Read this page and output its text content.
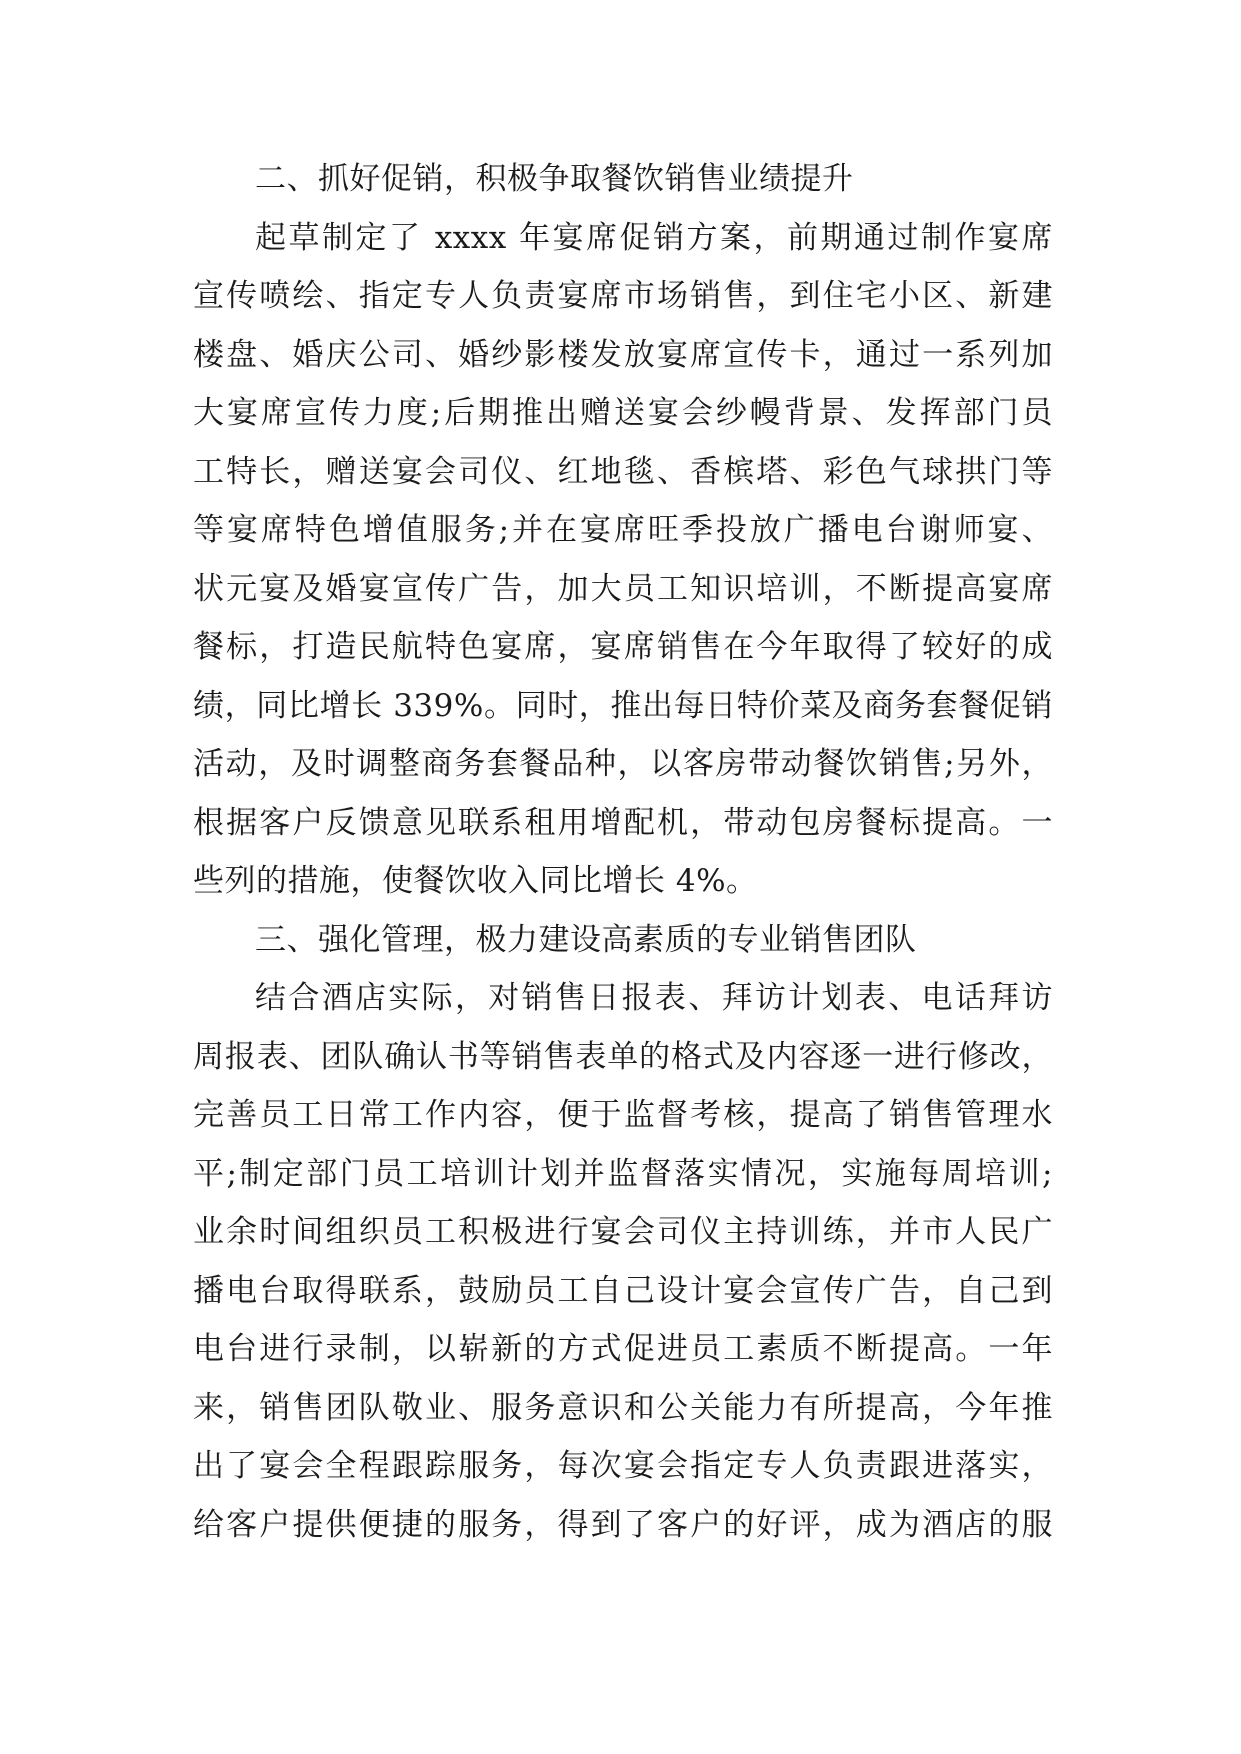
二、抓好促销，积极争取餐饮销售业绩提升
起草制定了 xxxx 年宴席促销方案，前期通过制作宴席
宣传喷绘、指定专人负责宴席市场销售，到住宅小区、新建
楼盘、婚庆公司、婚纱影楼发放宴席宣传卡，通过一系列加
大宴席宣传力度;后期推出赠送宴会纱幔背景、发挥部门员
工特长，赠送宴会司仪、红地毯、香槟塔、彩色气球拱门等
等宴席特色增值服务;并在宴席旺季投放广播电台谢师宴、
状元宴及婚宴宣传广告，加大员工知识培训，不断提高宴席
餐标，打造民航特色宴席，宴席销售在今年取得了较好的成
绩，同比增长 339%。同时，推出每日特价菜及商务套餐促销
活动，及时调整商务套餐品种，以客房带动餐饮销售;另外，
根据客户反馈意见联系租用增配机，带动包房餐标提高。一
些列的措施，使餐饮收入同比增长 4%。
三、强化管理，极力建设高素质的专业销售团队
结合酒店实际，对销售日报表、拜访计划表、电话拜访
周报表、团队确认书等销售表单的格式及内容逐一进行修改，
完善员工日常工作内容，便于监督考核，提高了销售管理水
平;制定部门员工培训计划并监督落实情况，实施每周培训;
业余时间组织员工积极进行宴会司仪主持训练，并市人民广
播电台取得联系，鼓励员工自己设计宴会宣传广告，自己到
电台进行录制，以崭新的方式促进员工素质不断提高。一年
来，销售团队敬业、服务意识和公关能力有所提高，今年推
出了宴会全程跟踪服务，每次宴会指定专人负责跟进落实，
给客户提供便捷的服务，得到了客户的好评，成为酒店的服
